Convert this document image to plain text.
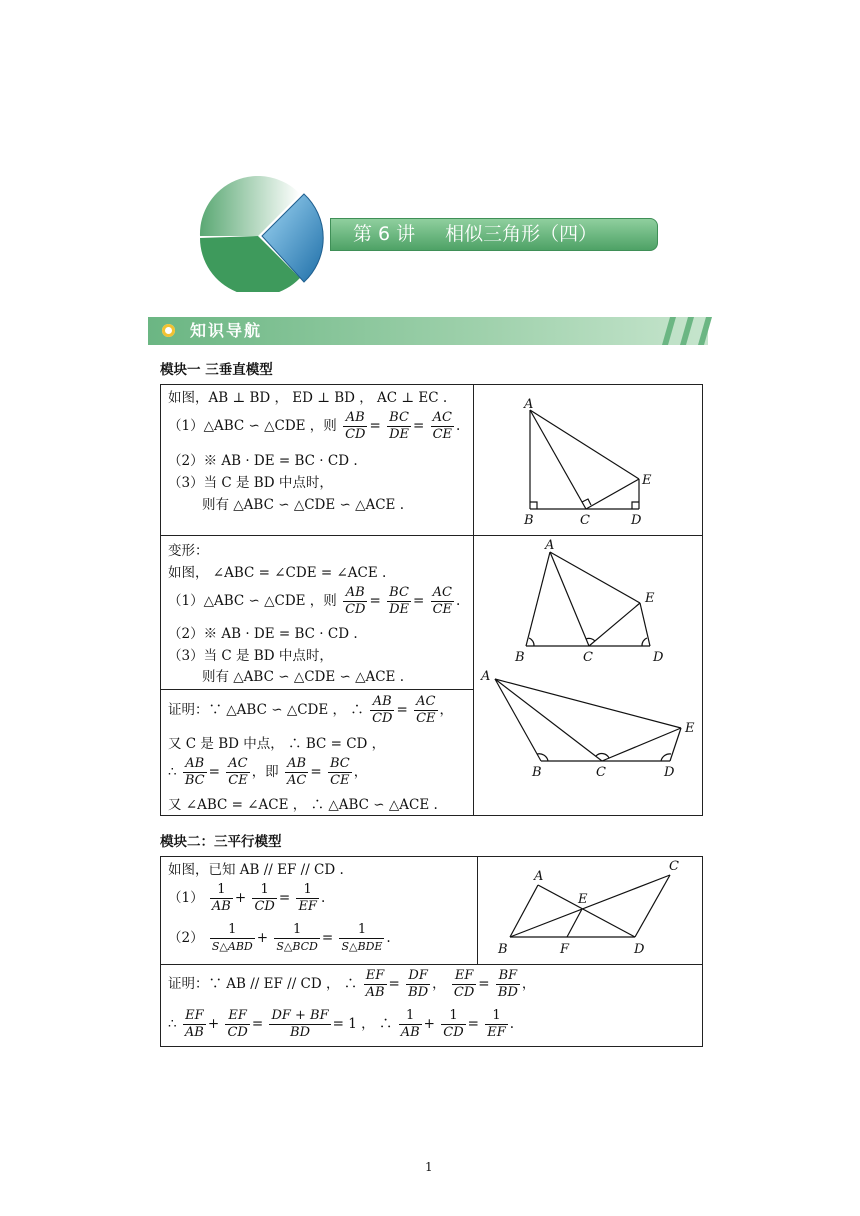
第 6 讲 相似三角形（四）
知识导航
模块一 三垂直模型
如图，AB ⊥ BD ， ED ⊥ BD ， AC ⊥ EC .
（1）△ABC ∽ △CDE ，则 $\frac{AB}{CD} = \frac{BC}{DE} = \frac{AC}{CE}$ .
（2）※ AB · DE = BC · CD .
（3）当 C 是 BD 中点时，
则有 △ABC ∽ △CDE ∽ △ACE .
A
B	C	D
E
变形：
如图， ∠ABC = ∠CDE = ∠ACE .
（1）△ABC ∽ △CDE ，则 $\frac{AB}{CD} = \frac{BC}{DE} = \frac{AC}{CE}$ .
（2）※ AB · DE = BC · CD .
（3）当 C 是 BD 中点时，
则有 △ABC ∽ △CDE ∽ △ACE .
证明：∵ △ABC ∽ △CDE ， ∴ $\frac{AB}{CD} = \frac{AC}{CE}$ ，
又 C 是 BD 中点， ∴ BC = CD ，
∴ $\frac{AB}{BC} = \frac{AC}{CE}$ ，即 $\frac{AB}{AC} = \frac{BC}{CE}$ ，
又 ∠ABC = ∠ACE ， ∴ △ABC ∽ △ACE .
A
B	C	D
E
A
B	C	D
E
模块二：三平行模型
如图，已知 AB // EF // CD .
$(1) \frac{1}{AB} + \frac{1}{CD} = \frac{1}{EF}$ .
$(2) \frac{1}{\text{S△ABD}} + \frac{1}{\text{S△BCD}} = \frac{1}{\text{S△BDE}}$ .
A
B
C
D
E
F
证明：∵ AB // EF // CD ， ∴ $\frac{EF}{AB} = \frac{DF}{BD}$ ， $\frac{EF}{CD} = \frac{BF}{BD}$ ，
∴ $\frac{EF}{AB} + \frac{EF}{CD} = \frac{DF + BF}{BD} = 1$ ， ∴ $\frac{1}{AB} + \frac{1}{CD} = \frac{1}{EF}$ .
1
